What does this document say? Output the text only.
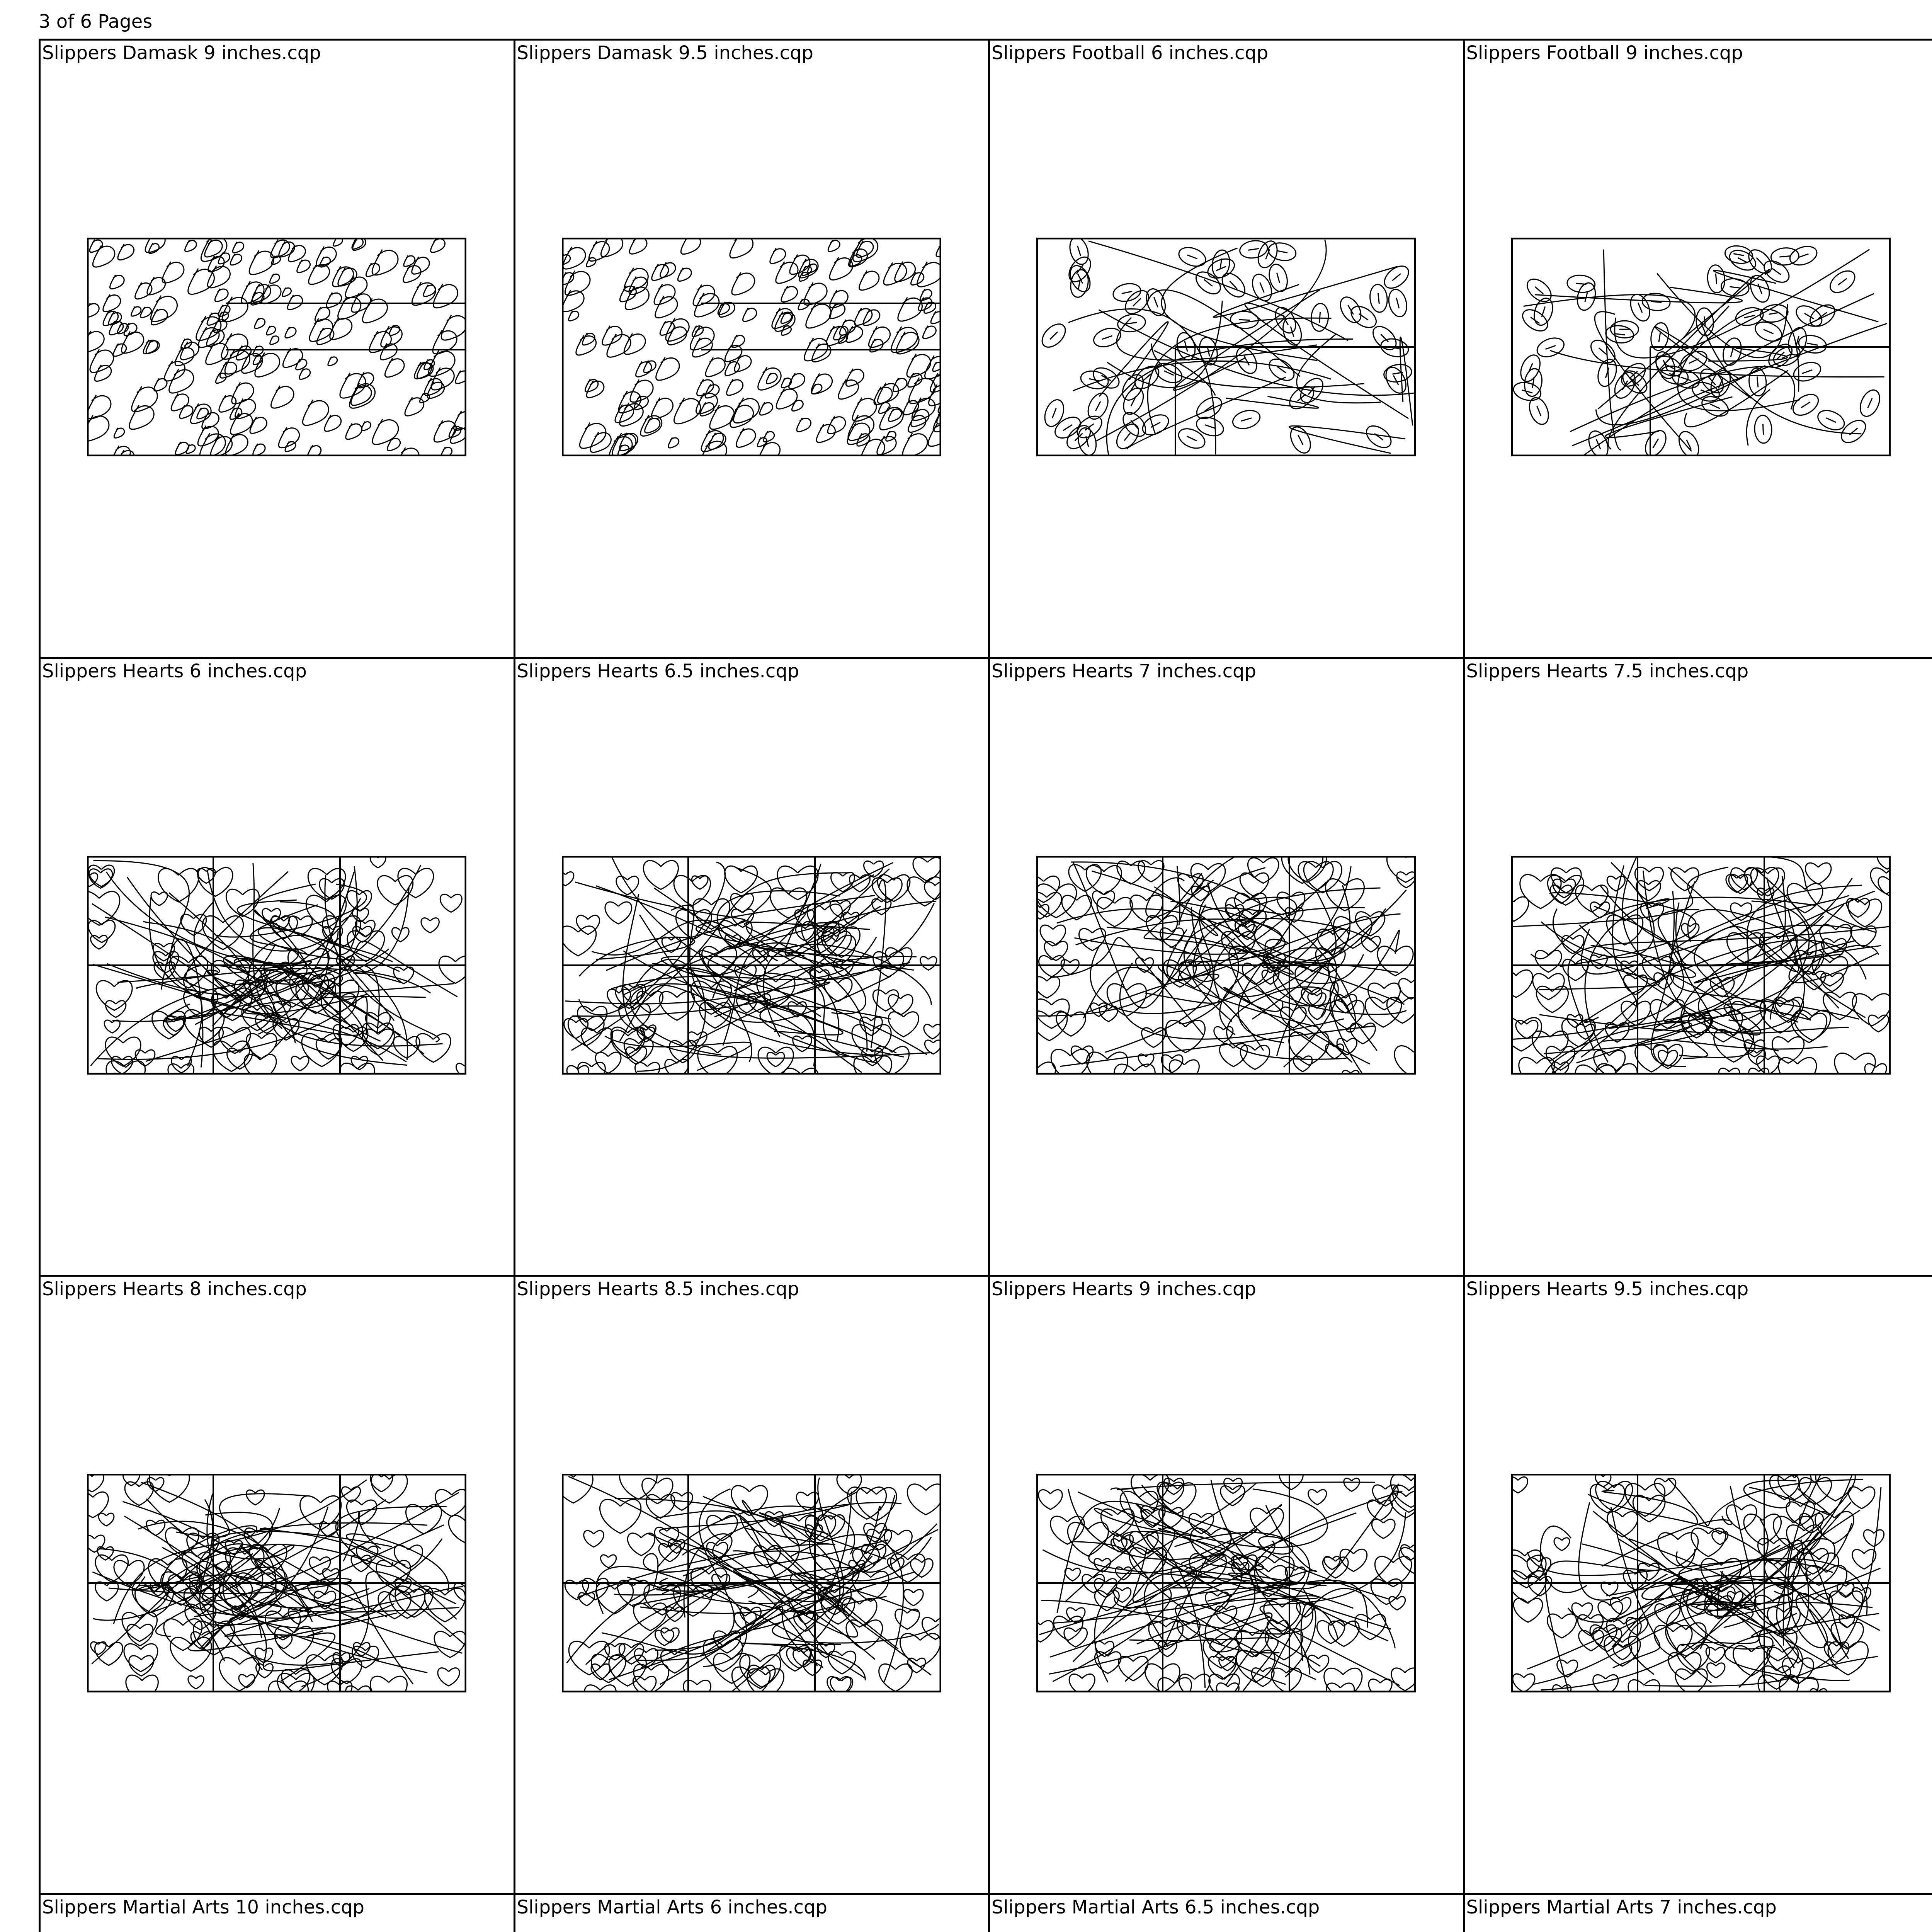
3 of 6 Pages
Slippers Damask 9 inches.cqp	Slippers Damask 9.5 inches.cqp	Slippers Football 6 inches.cqp	Slippers Football 9 inches.cqp
Slippers Hearts 6 inches.cqp	Slippers Hearts 6.5 inches.cqp	Slippers Hearts 7 inches.cqp	Slippers Hearts 7.5 inches.cqp
Slippers Hearts 8 inches.cqp	Slippers Hearts 8.5 inches.cqp	Slippers Hearts 9 inches.cqp	Slippers Hearts 9.5 inches.cqp
Slippers Martial Arts 10 inches.cqp	Slippers Martial Arts 6 inches.cqp	Slippers Martial Arts 6.5 inches.cqp	Slippers Martial Arts 7 inches.cqp
